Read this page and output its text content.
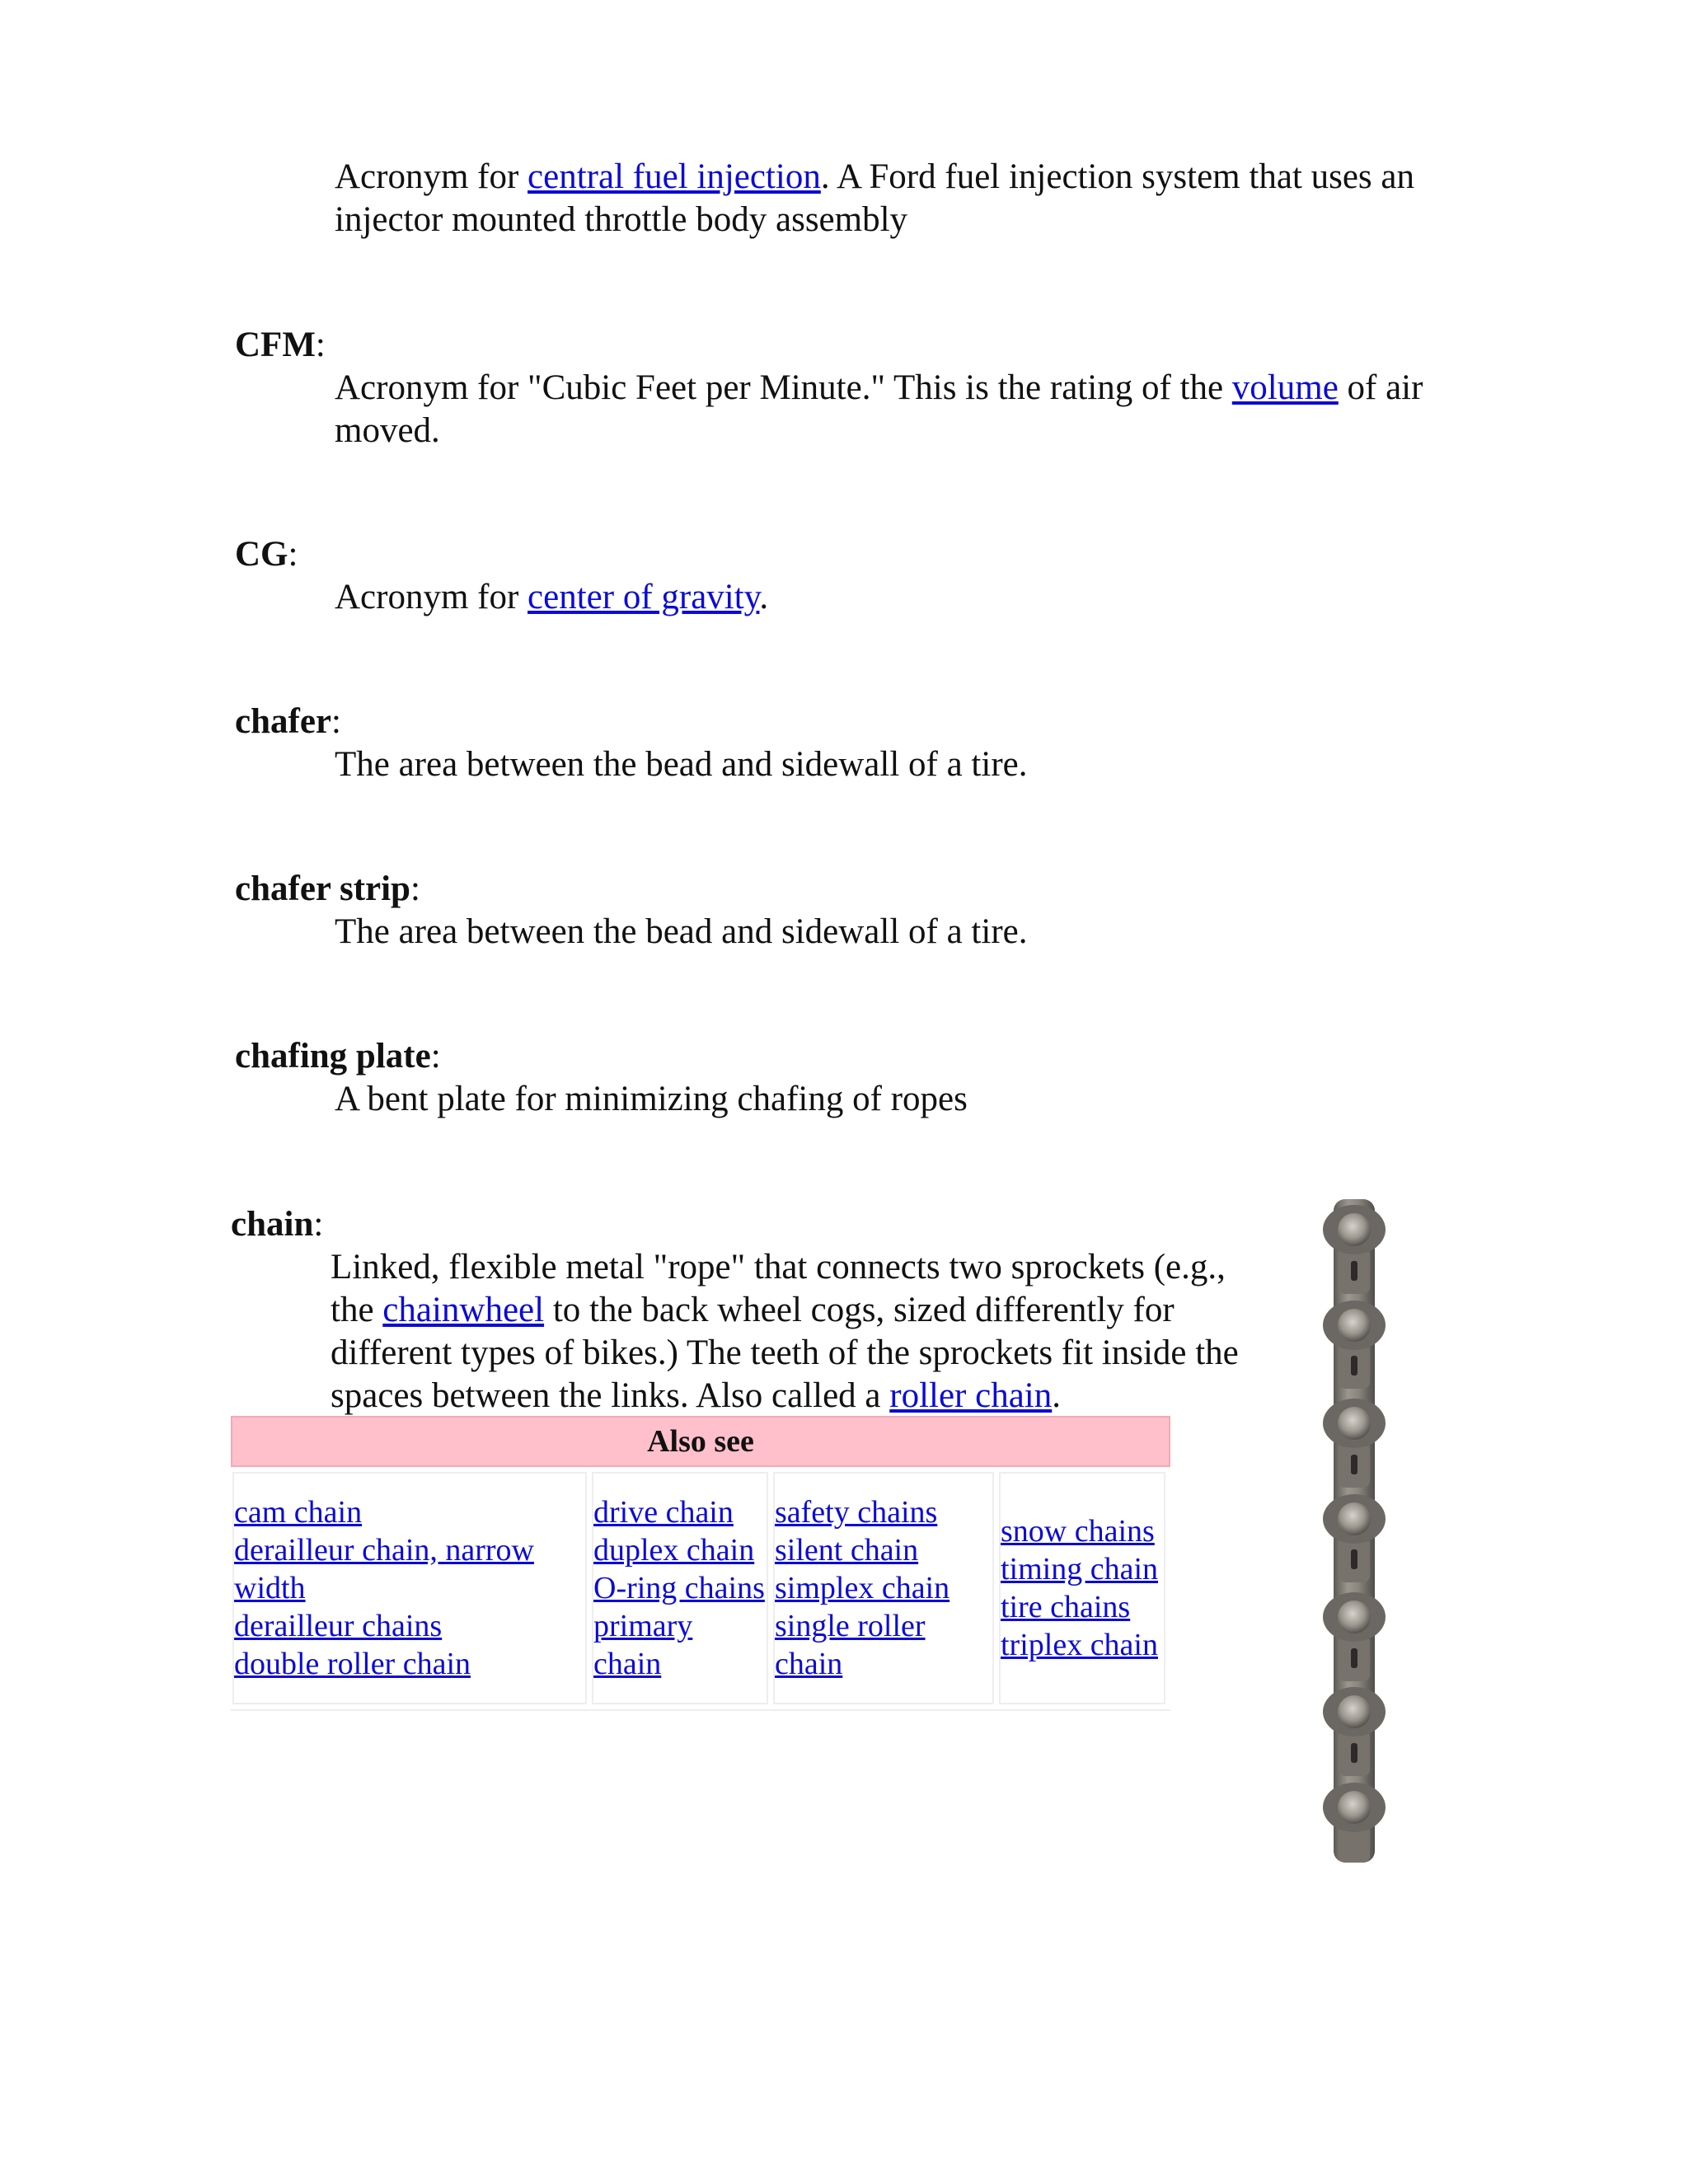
Acronym for central fuel injection. A Ford fuel injection system that uses an injector mounted throttle body assembly
CFM:
Acronym for "Cubic Feet per Minute." This is the rating of the volume of air moved.
CG:
Acronym for center of gravity.
chafer:
The area between the bead and sidewall of a tire.
chafer strip:
The area between the bead and sidewall of a tire.
chafing plate:
A bent plate for minimizing chafing of ropes
chain:
Linked, flexible metal "rope" that connects two sprockets (e.g., the chainwheel to the back wheel cogs, sized differently for different types of bikes.) The teeth of the sprockets fit inside the spaces between the links. Also called a roller chain.
Also see
cam chain
derailleur chain, narrow width
derailleur chains
double roller chain
drive chain
duplex chain
O-ring chains
primary chain
safety chains
silent chain
simplex chain
single roller chain
snow chains
timing chain
tire chains
triplex chain
